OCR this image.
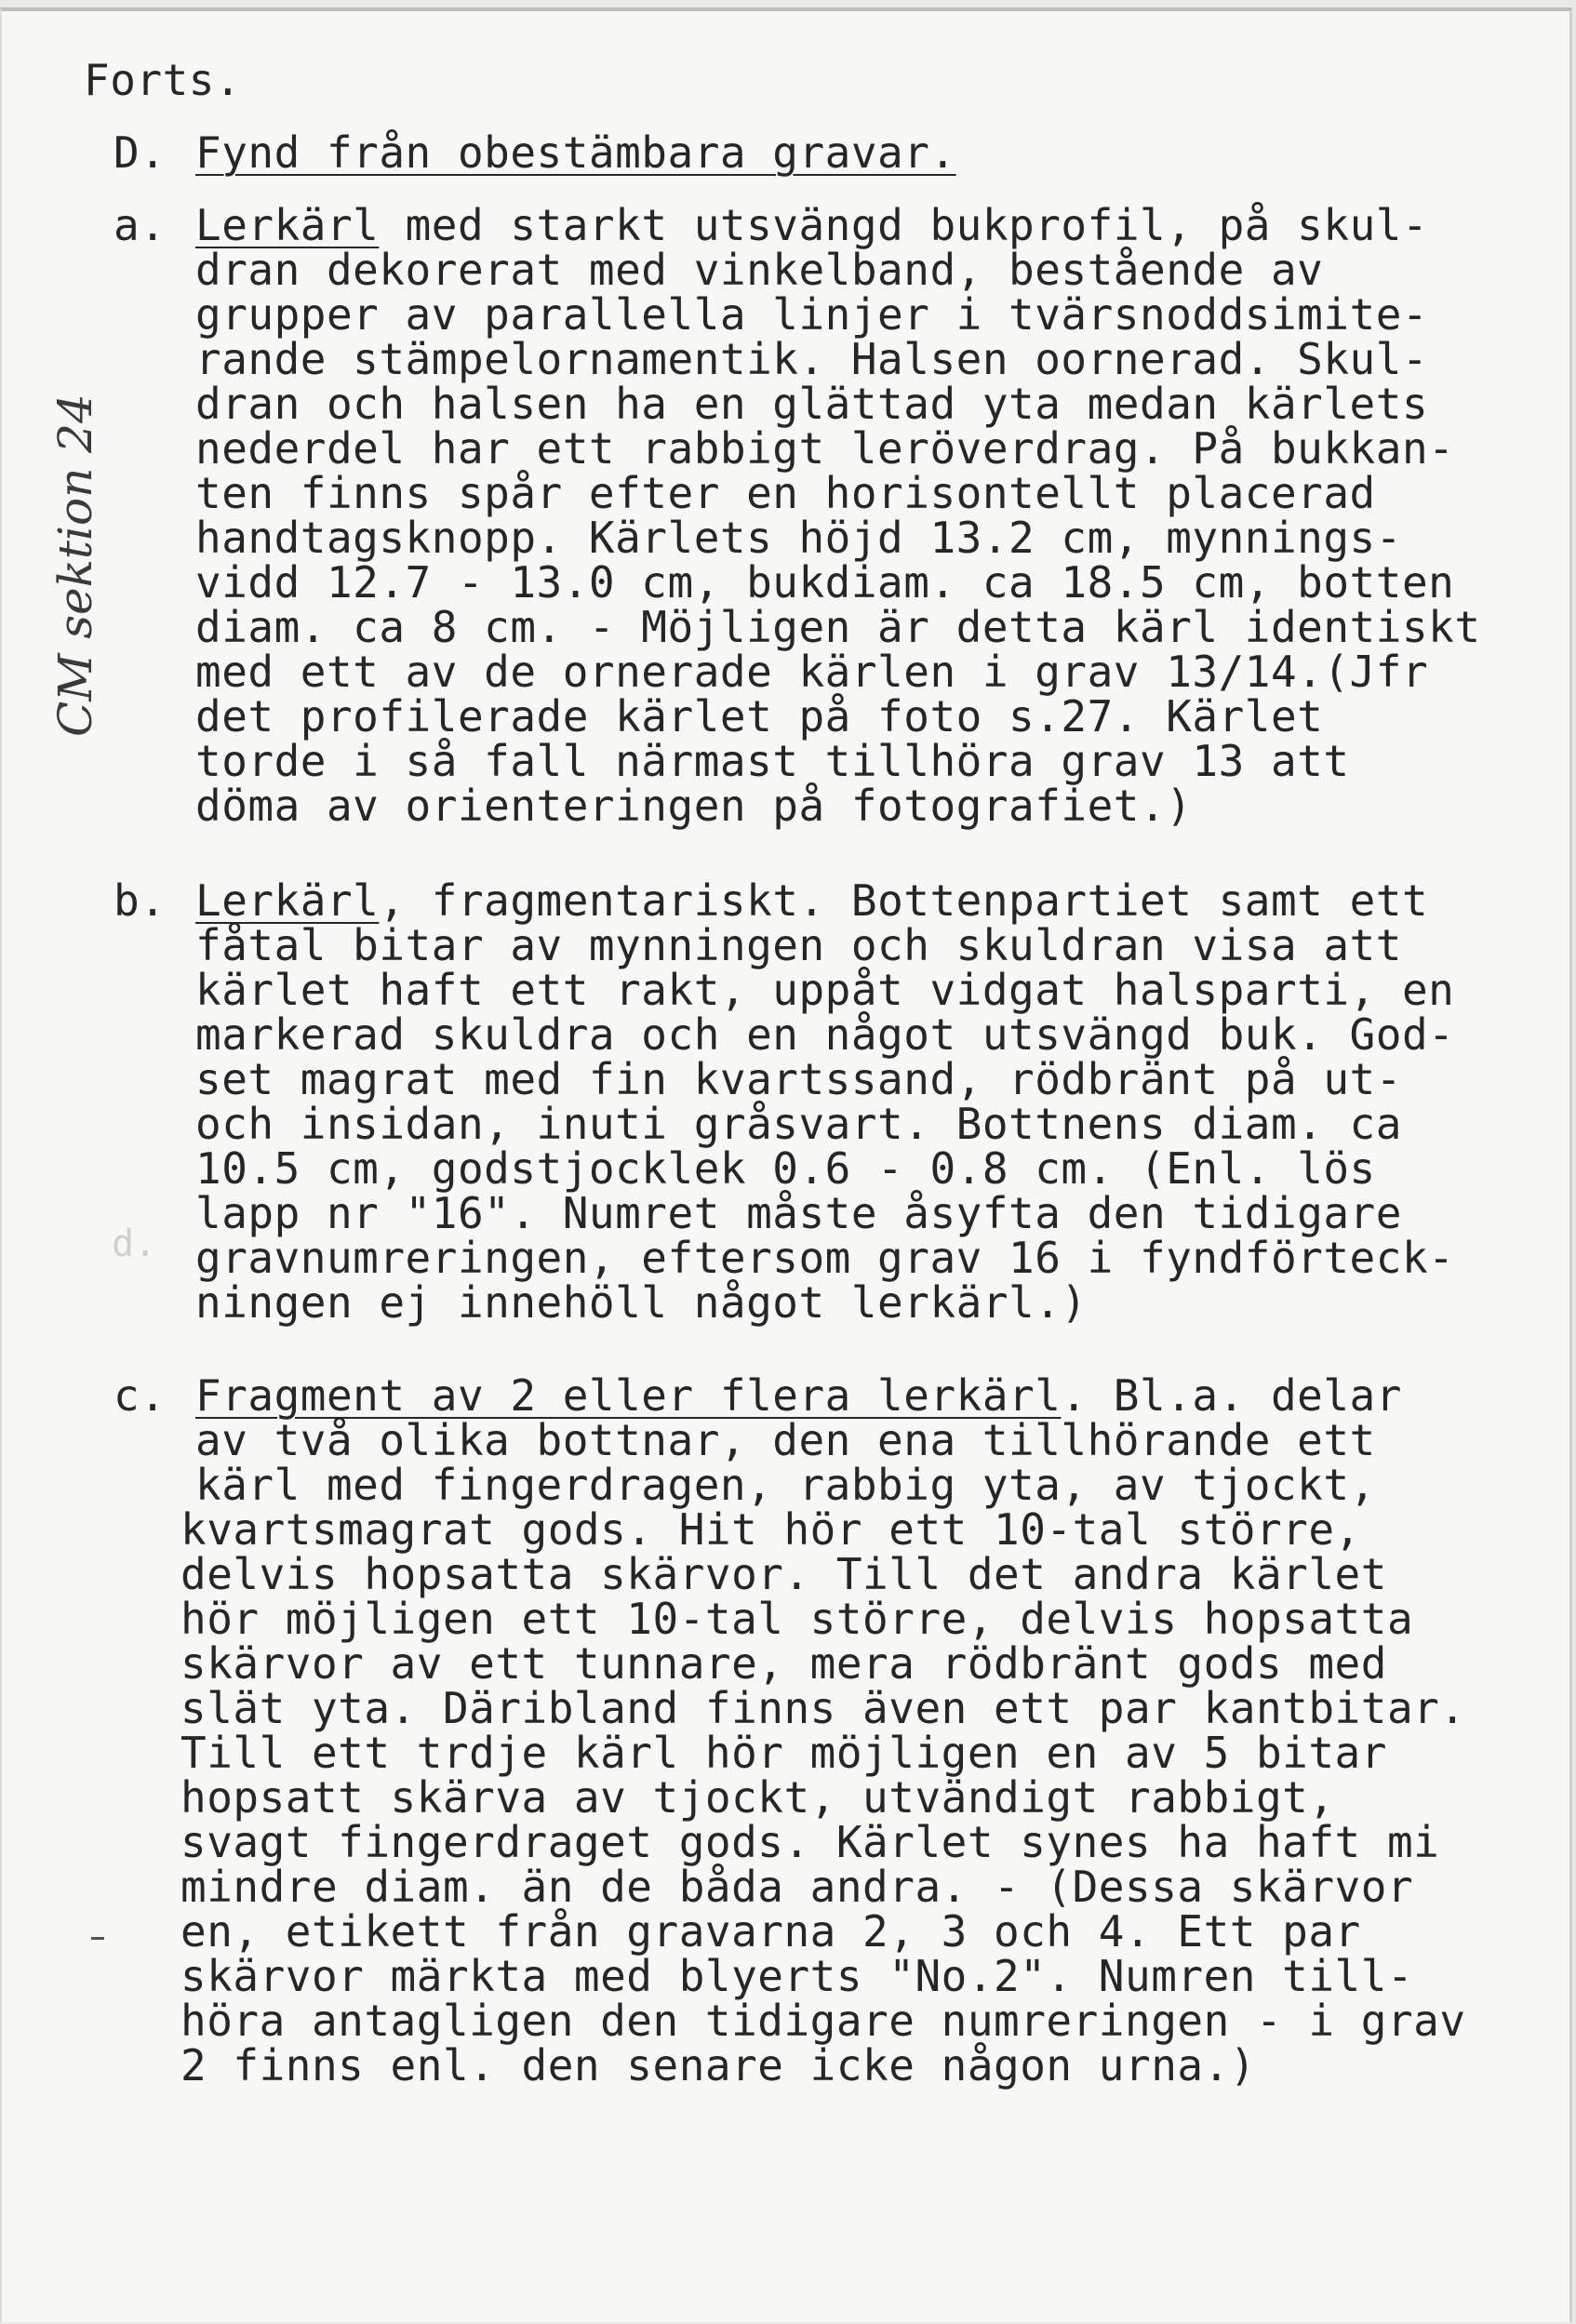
Forts.
D. Fynd från obestämbara gravar.
CM sektion 24
a. Lerkärl med starkt utsvängd bukprofil, på skul-
dran dekorerat med vinkelband, bestående av
grupper av parallella linjer i tvärsnoddsimite-
rande stämpelornamentik. Halsen oornerad. Skul-
dran och halsen ha en glättad yta medan kärlets
nederdel har ett rabbigt leröverdrag. På bukkan-
ten finns spår efter en horisontellt placerad
handtagsknopp. Kärlets höjd 13.2 cm, mynnings-
vidd 12.7 - 13.0 cm, bukdiam. ca 18.5 cm, botten
diam. ca 8 cm. - Möjligen är detta kärl identiskt
med ett av de ornerade kärlen i grav 13/14.(Jfr
det profilerade kärlet på foto s.27. Kärlet
torde i så fall närmast tillhöra grav 13 att
döma av orienteringen på fotografiet.)
b. Lerkärl, fragmentariskt. Bottenpartiet samt ett
fåtal bitar av mynningen och skuldran visa att
kärlet haft ett rakt, uppåt vidgat halsparti, en
markerad skuldra och en något utsvängd buk. God-
set magrat med fin kvartssand, rödbränt på ut-
och insidan, inuti gråsvart. Bottnens diam. ca
10.5 cm, godstjocklek 0.6 - 0.8 cm. (Enl. lös
lapp nr "16". Numret måste åsyfta den tidigare
gravnumreringen, eftersom grav 16 i fyndförteck-
ningen ej innehöll något lerkärl.)
d.
c. Fragment av 2 eller flera lerkärl. Bl.a. delar
av två olika bottnar, den ena tillhörande ett
kärl med fingerdragen, rabbig yta, av tjockt,
kvartsmagrat gods. Hit hör ett 10-tal större,
delvis hopsatta skärvor. Till det andra kärlet
hör möjligen ett 10-tal större, delvis hopsatta
skärvor av ett tunnare, mera rödbränt gods med
slät yta. Däribland finns även ett par kantbitar.
Till ett trdje kärl hör möjligen en av 5 bitar
hopsatt skärva av tjockt, utvändigt rabbigt,
svagt fingerdraget gods. Kärlet synes ha haft mi
mindre diam. än de båda andra. - (Dessa skärvor
en, etikett från gravarna 2, 3 och 4. Ett par
skärvor märkta med blyerts "No.2". Numren till-
höra antagligen den tidigare numreringen - i grav
2 finns enl. den senare icke någon urna.)
